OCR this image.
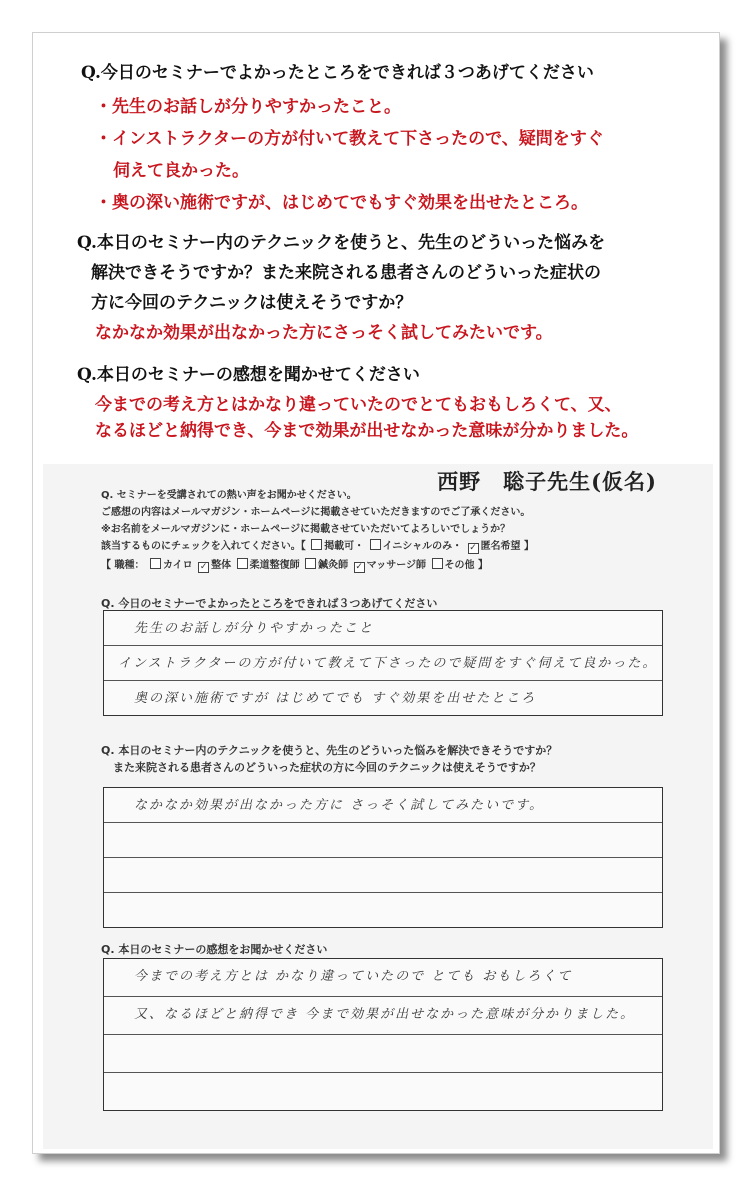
Q.今日のセミナーでよかったところをできれば３つあげてください
・先生のお話しが分りやすかったこと。
・インストラクターの方が付いて教えて下さったので、疑問をすぐ
伺えて良かった。
・奥の深い施術ですが、はじめてでもすぐ効果を出せたところ。
Q.本日のセミナー内のテクニックを使うと、先生のどういった悩みを
解決できそうですか？また来院される患者さんのどういった症状の
方に今回のテクニックは使えそうですか？
なかなか効果が出なかった方にさっそく試してみたいです。
Q.本日のセミナーの感想を聞かせてください
今までの考え方とはかなり違っていたのでとてもおもしろくて、又、
なるほどと納得でき、今まで効果が出せなかった意味が分かりました。
西野　聡子先生(仮名)
Q. セミナーを受講されての熱い声をお聞かせください。
ご感想の内容はメールマガジン・ホームページに掲載させていただきますのでご了承ください。
※お名前をメールマガジンに・ホームページに掲載させていただいてよろしいでしょうか？
該当するものにチェックを入れてください。【 掲載可・ イニシャルのみ・ ✓ 匿名希望 】
【 職種： カイロ ✓ 整体 柔道整復師 鍼灸師 ✓ マッサージ師 その他 】
Q. 今日のセミナーでよかったところをできれば３つあげてください
先生のお話しが分りやすかったこと
インストラクターの方が付いて教えて下さったので疑問をすぐ伺えて良かった。
奥の深い施術ですが はじめてでも すぐ効果を出せたところ
Q. 本日のセミナー内のテクニックを使うと、先生のどういった悩みを解決できそうですか？
また来院される患者さんのどういった症状の方に今回のテクニックは使えそうですか？
なかなか効果が出なかった方に さっそく試してみたいです。
Q. 本日のセミナーの感想をお聞かせください
今までの考え方とは かなり違っていたので とても おもしろくて
又、なるほどと納得でき 今まで効果が出せなかった意味が分かりました。
